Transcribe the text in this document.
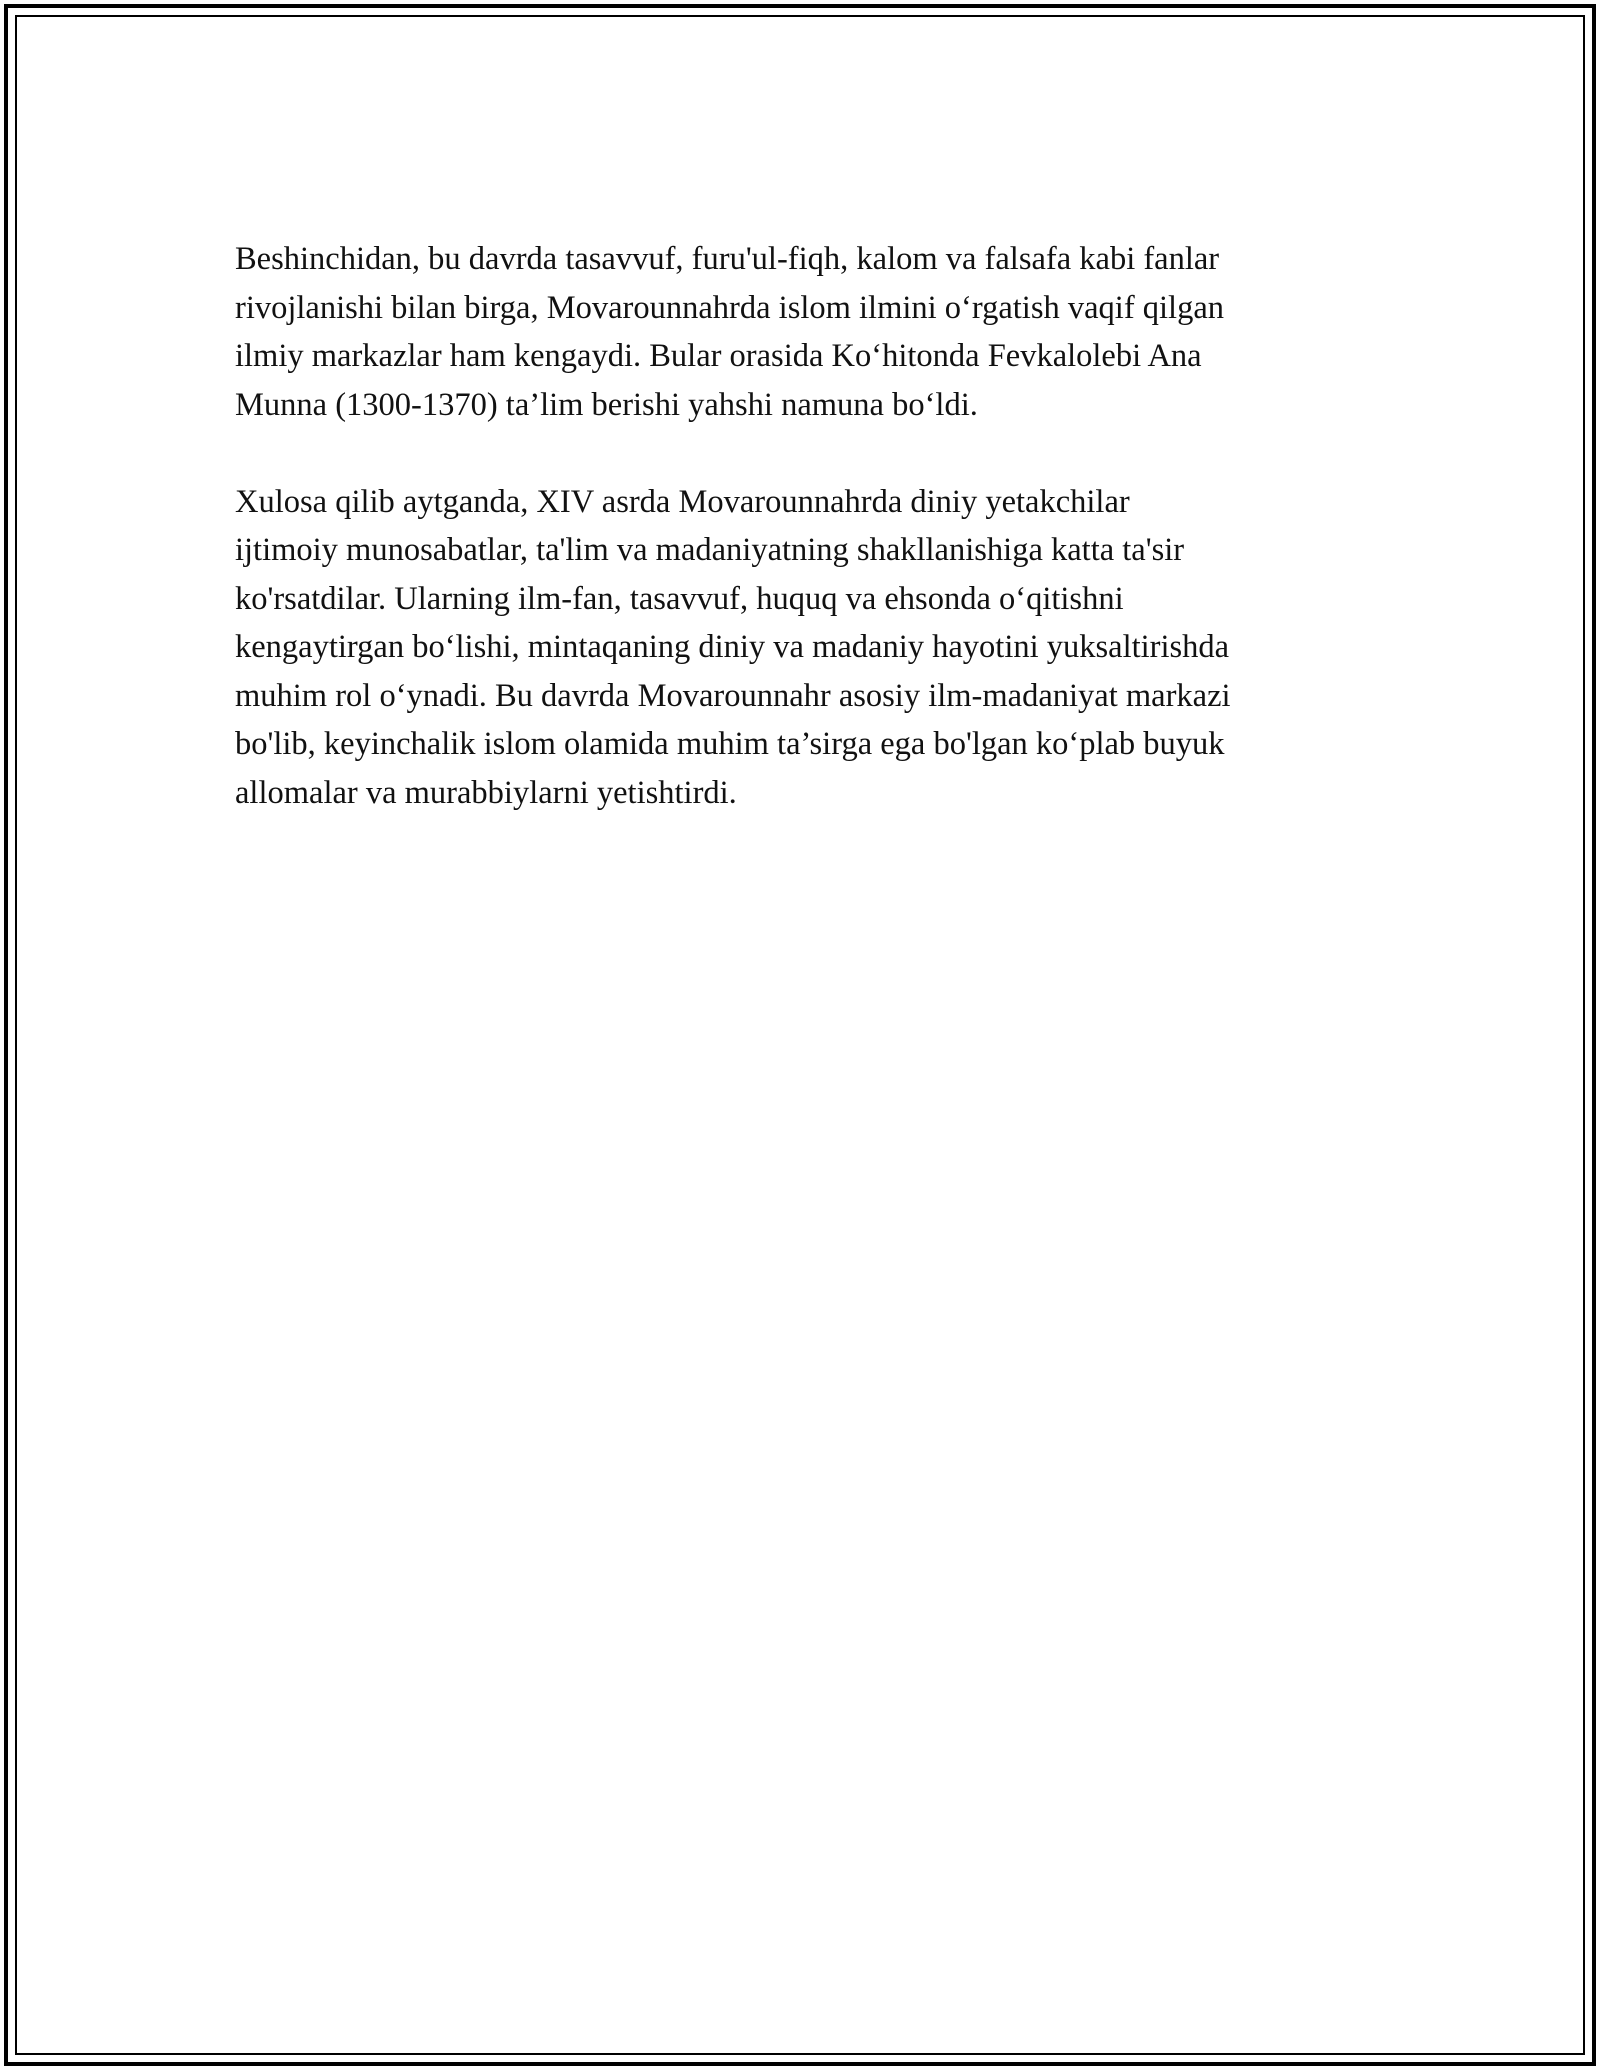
Beshinchidan, bu davrda tasavvuf, furu'ul-fiqh, kalom va falsafa kabi fanlar
rivojlanishi bilan birga, Movarounnahrda islom ilmini o‘rgatish vaqif qilgan
ilmiy markazlar ham kengaydi. Bular orasida Ko‘hitonda Fevkalolebi Ana
Munna (1300-1370) ta’lim berishi yahshi namuna bo‘ldi.

Xulosa qilib aytganda, XIV asrda Movarounnahrda diniy yetakchilar
ijtimoiy munosabatlar, ta'lim va madaniyatning shakllanishiga katta ta'sir
ko'rsatdilar. Ularning ilm-fan, tasavvuf, huquq va ehsonda o‘qitishni
kengaytirgan bo‘lishi, mintaqaning diniy va madaniy hayotini yuksaltirishda
muhim rol o‘ynadi. Bu davrda Movarounnahr asosiy ilm-madaniyat markazi
bo'lib, keyinchalik islom olamida muhim ta’sirga ega bo'lgan ko‘plab buyuk
allomalar va murabbiylarni yetishtirdi.
